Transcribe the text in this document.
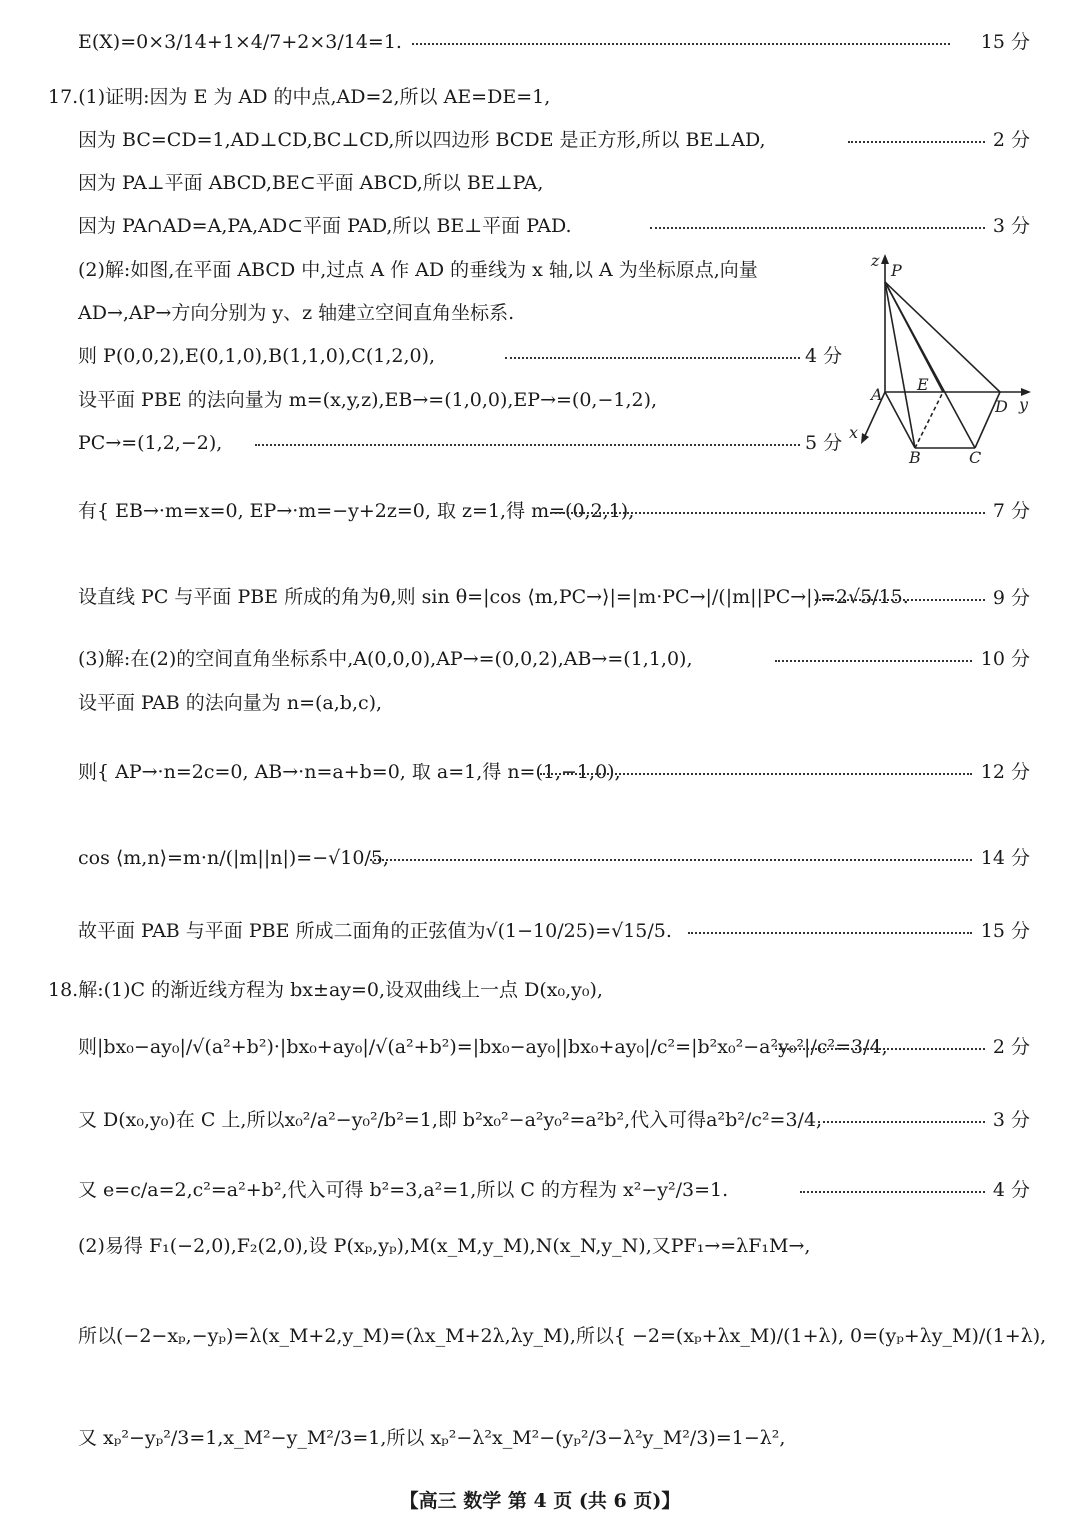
E(X)=0×3/14+1×4/7+2×3/14=1.	15 分
17.(1)证明:因为 E 为 AD 的中点,AD=2,所以 AE=DE=1,
因为 BC=CD=1,AD⊥CD,BC⊥CD,所以四边形 BCDE 是正方形,所以 BE⊥AD,	2 分
因为 PA⊥平面 ABCD,BE⊂平面 ABCD,所以 BE⊥PA,
因为 PA∩AD=A,PA,AD⊂平面 PAD,所以 BE⊥平面 PAD.	3 分
(2)解:如图,在平面 ABCD 中,过点 A 作 AD 的垂线为 x 轴,以 A 为坐标原点,向量
AD→,AP→方向分别为 y、z 轴建立空间直角坐标系.
则 P(0,0,2),E(0,1,0),B(1,1,0),C(1,2,0),	4 分
设平面 PBE 的法向量为 m=(x,y,z),EB→=(1,0,0),EP→=(0,−1,2),
PC→=(1,2,−2),	5 分
z
P
A
E
D y
x
B	C
有{ EB→·m=x=0, EP→·m=−y+2z=0, 取 z=1,得 m=(0,2,1),	7 分
设直线 PC 与平面 PBE 所成的角为θ,则 sin θ=|cos ⟨m,PC→⟩|=|m·PC→|/(|m||PC→|)=2√5/15.	9 分
(3)解:在(2)的空间直角坐标系中,A(0,0,0),AP→=(0,0,2),AB→=(1,1,0),	10 分
设平面 PAB 的法向量为 n=(a,b,c),
则{ AP→·n=2c=0, AB→·n=a+b=0, 取 a=1,得 n=(1,−1,0),	12 分
cos ⟨m,n⟩=m·n/(|m||n|)=−√10/5,	14 分
故平面 PAB 与平面 PBE 所成二面角的正弦值为√(1−10/25)=√15/5.	15 分
18.解:(1)C 的渐近线方程为 bx±ay=0,设双曲线上一点 D(x₀,y₀),
则|bx₀−ay₀|/√(a²+b²)·|bx₀+ay₀|/√(a²+b²)=|bx₀−ay₀||bx₀+ay₀|/c²=|b²x₀²−a²y₀²|/c²=3/4,	2 分
又 D(x₀,y₀)在 C 上,所以x₀²/a²−y₀²/b²=1,即 b²x₀²−a²y₀²=a²b²,代入可得a²b²/c²=3/4,	3 分
又 e=c/a=2,c²=a²+b²,代入可得 b²=3,a²=1,所以 C 的方程为 x²−y²/3=1.	4 分
(2)易得 F₁(−2,0),F₂(2,0),设 P(xₚ,yₚ),M(x_M,y_M),N(x_N,y_N),又PF₁→=λF₁M→,
所以(−2−xₚ,−yₚ)=λ(x_M+2,y_M)=(λx_M+2λ,λy_M),所以{ −2=(xₚ+λx_M)/(1+λ), 0=(yₚ+λy_M)/(1+λ),
又 xₚ²−yₚ²/3=1,x_M²−y_M²/3=1,所以 xₚ²−λ²x_M²−(yₚ²/3−λ²y_M²/3)=1−λ²,
【高三 数学 第 4 页 (共 6 页)】
